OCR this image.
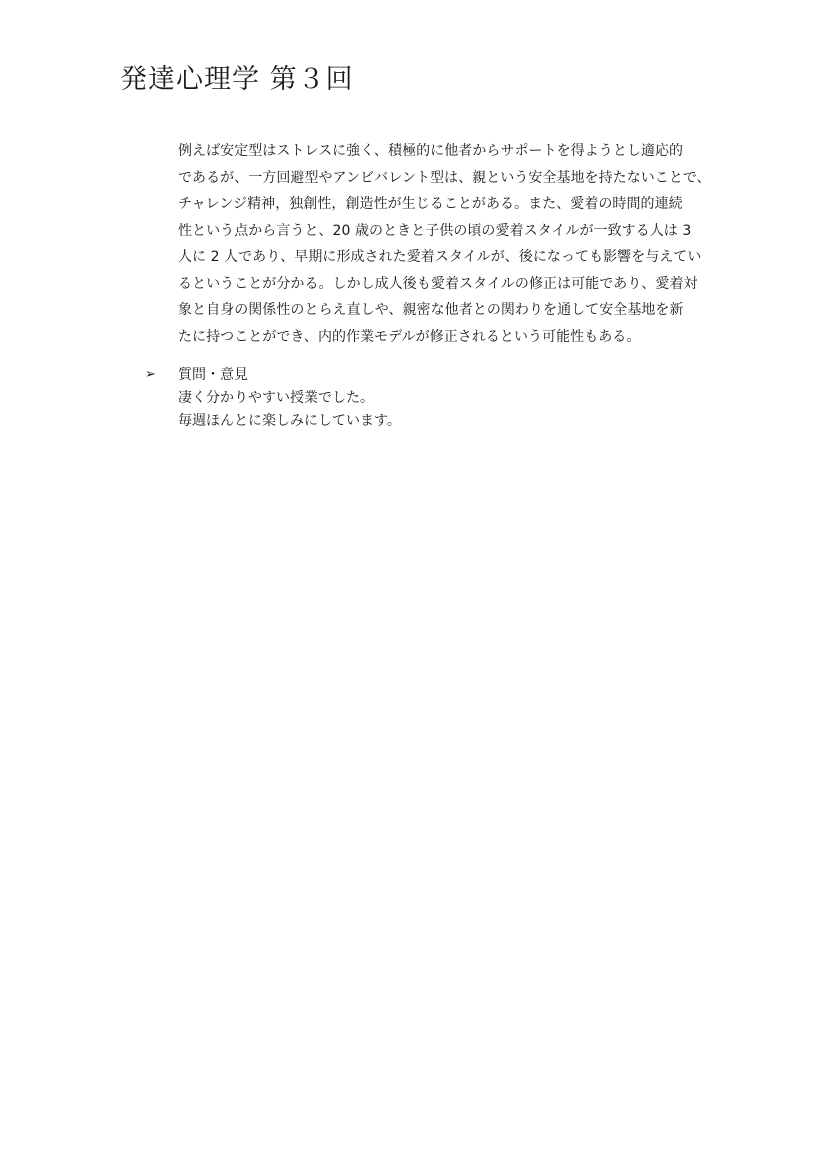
発達心理学 第３回
例えば安定型はストレスに強く、積極的に他者からサポートを得ようとし適応的
であるが、一方回避型やアンビバレント型は、親という安全基地を持たないことで、
チャレンジ精神，独創性，創造性が生じることがある。また、愛着の時間的連続
性という点から言うと、20 歳のときと子供の頃の愛着スタイルが一致する人は 3
人に 2 人であり、早期に形成された愛着スタイルが、後になっても影響を与えてい
るということが分かる。しかし成人後も愛着スタイルの修正は可能であり、愛着対
象と自身の関係性のとらえ直しや、親密な他者との関わりを通して安全基地を新
たに持つことができ、内的作業モデルが修正されるという可能性もある。
➢ 質問・意見
凄く分かりやすい授業でした。
毎週ほんとに楽しみにしています。
